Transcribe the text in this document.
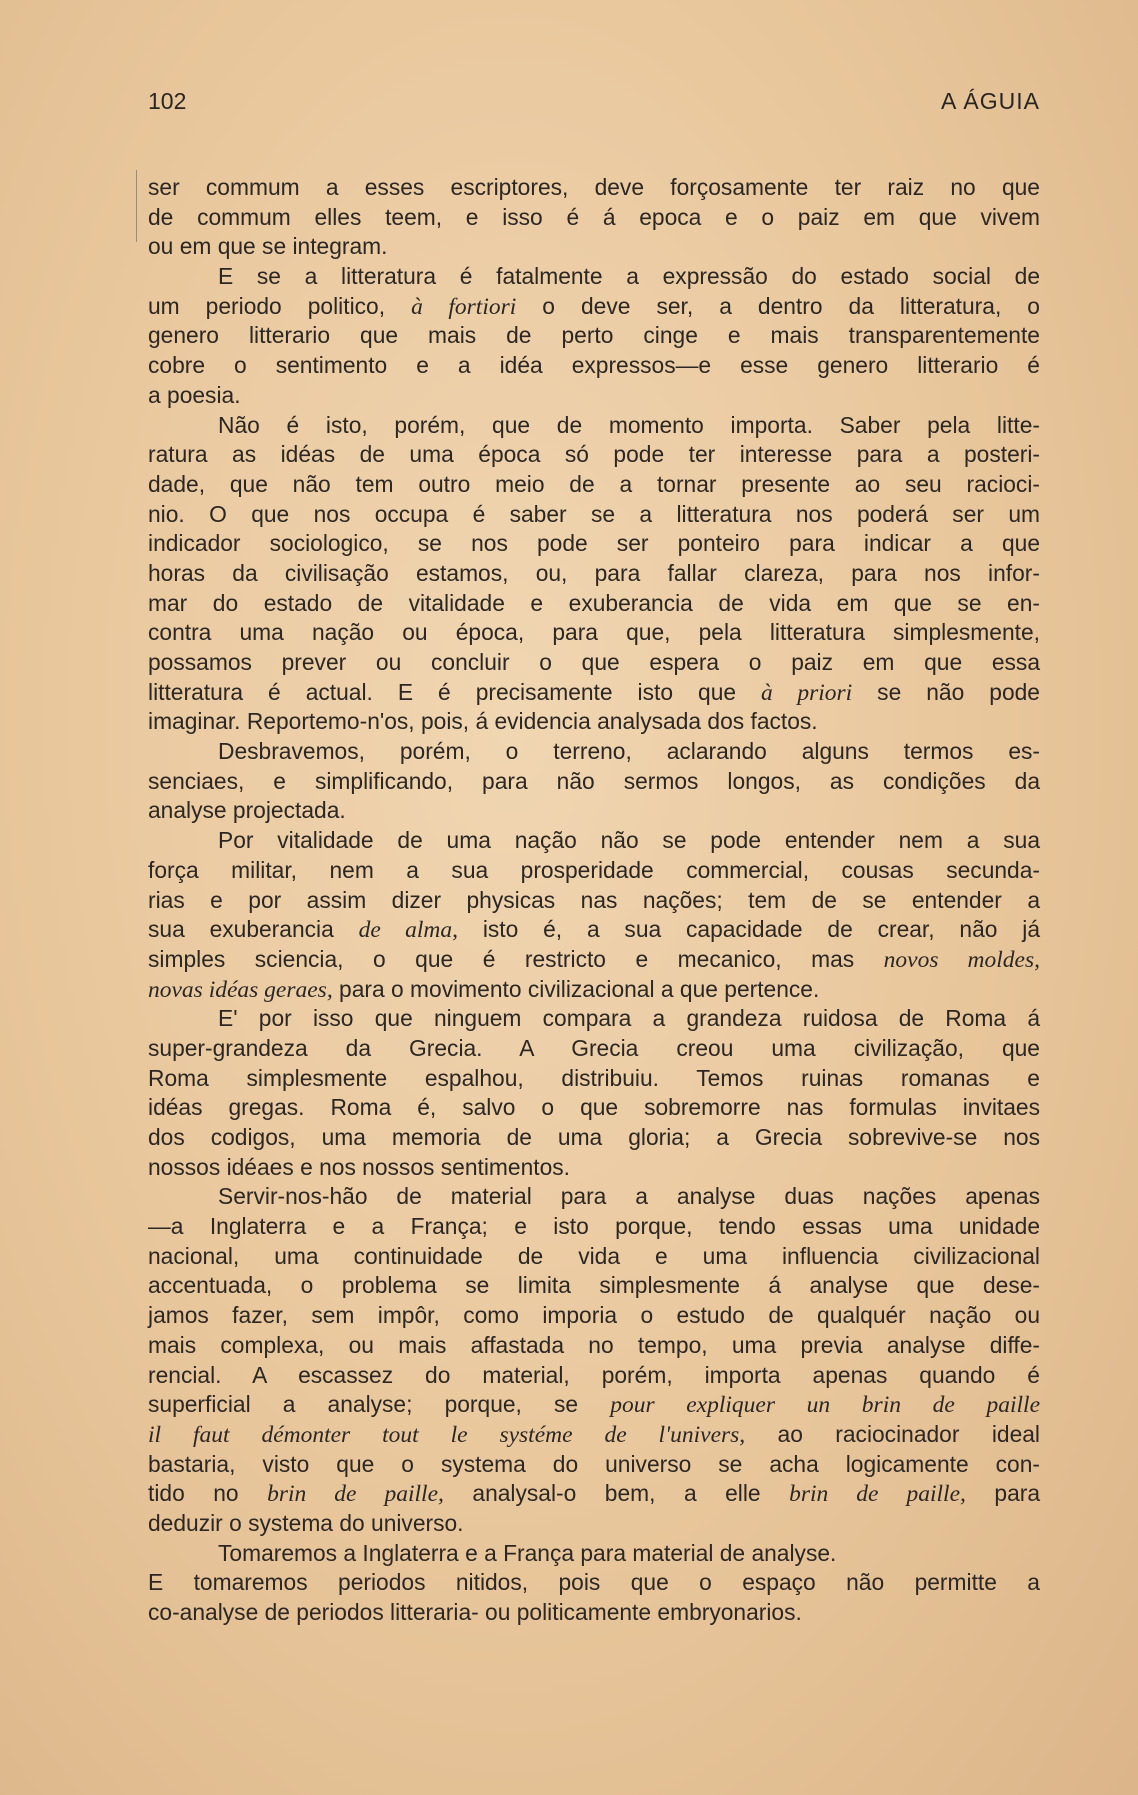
102	A ÁGUIA
ser commum a esses escriptores, deve forçosamente ter raiz no que
de commum elles teem, e isso é á epoca e o paiz em que vivem
ou em que se integram.
E se a litteratura é fatalmente a expressão do estado social de
um periodo politico, à fortiori o deve ser, a dentro da litteratura, o
genero litterario que mais de perto cinge e mais transparentemente
cobre o sentimento e a idéa expressos—e esse genero litterario é
a poesia.
Não é isto, porém, que de momento importa. Saber pela litte-
ratura as idéas de uma época só pode ter interesse para a posteri-
dade, que não tem outro meio de a tornar presente ao seu racioci-
nio. O que nos occupa é saber se a litteratura nos poderá ser um
indicador sociologico, se nos pode ser ponteiro para indicar a que
horas da civilisação estamos, ou, para fallar clareza, para nos infor-
mar do estado de vitalidade e exuberancia de vida em que se en-
contra uma nação ou época, para que, pela litteratura simplesmente,
possamos prever ou concluir o que espera o paiz em que essa
litteratura é actual. E é precisamente isto que à priori se não pode
imaginar. Reportemo-n'os, pois, á evidencia analysada dos factos.
Desbravemos, porém, o terreno, aclarando alguns termos es-
senciaes, e simplificando, para não sermos longos, as condições da
analyse projectada.
Por vitalidade de uma nação não se pode entender nem a sua
força militar, nem a sua prosperidade commercial, cousas secunda-
rias e por assim dizer physicas nas nações; tem de se entender a
sua exuberancia de alma, isto é, a sua capacidade de crear, não já
simples sciencia, o que é restricto e mecanico, mas novos moldes,
novas idéas geraes, para o movimento civilizacional a que pertence.
E' por isso que ninguem compara a grandeza ruidosa de Roma á
super-grandeza da Grecia. A Grecia creou uma civilização, que
Roma simplesmente espalhou, distribuiu. Temos ruinas romanas e
idéas gregas. Roma é, salvo o que sobremorre nas formulas invitaes
dos codigos, uma memoria de uma gloria; a Grecia sobrevive-se nos
nossos idéaes e nos nossos sentimentos.
Servir-nos-hão de material para a analyse duas nações apenas
—a Inglaterra e a França; e isto porque, tendo essas uma unidade
nacional, uma continuidade de vida e uma influencia civilizacional
accentuada, o problema se limita simplesmente á analyse que dese-
jamos fazer, sem impôr, como imporia o estudo de qualquér nação ou
mais complexa, ou mais affastada no tempo, uma previa analyse diffe-
rencial. A escassez do material, porém, importa apenas quando é
superficial a analyse; porque, se pour expliquer un brin de paille
il faut démonter tout le systéme de l'univers, ao raciocinador ideal
bastaria, visto que o systema do universo se acha logicamente con-
tido no brin de paille, analysal-o bem, a elle brin de paille, para
deduzir o systema do universo.
Tomaremos a Inglaterra e a França para material de analyse.
E tomaremos periodos nitidos, pois que o espaço não permitte a
co-analyse de periodos litteraria- ou politicamente embryonarios.
